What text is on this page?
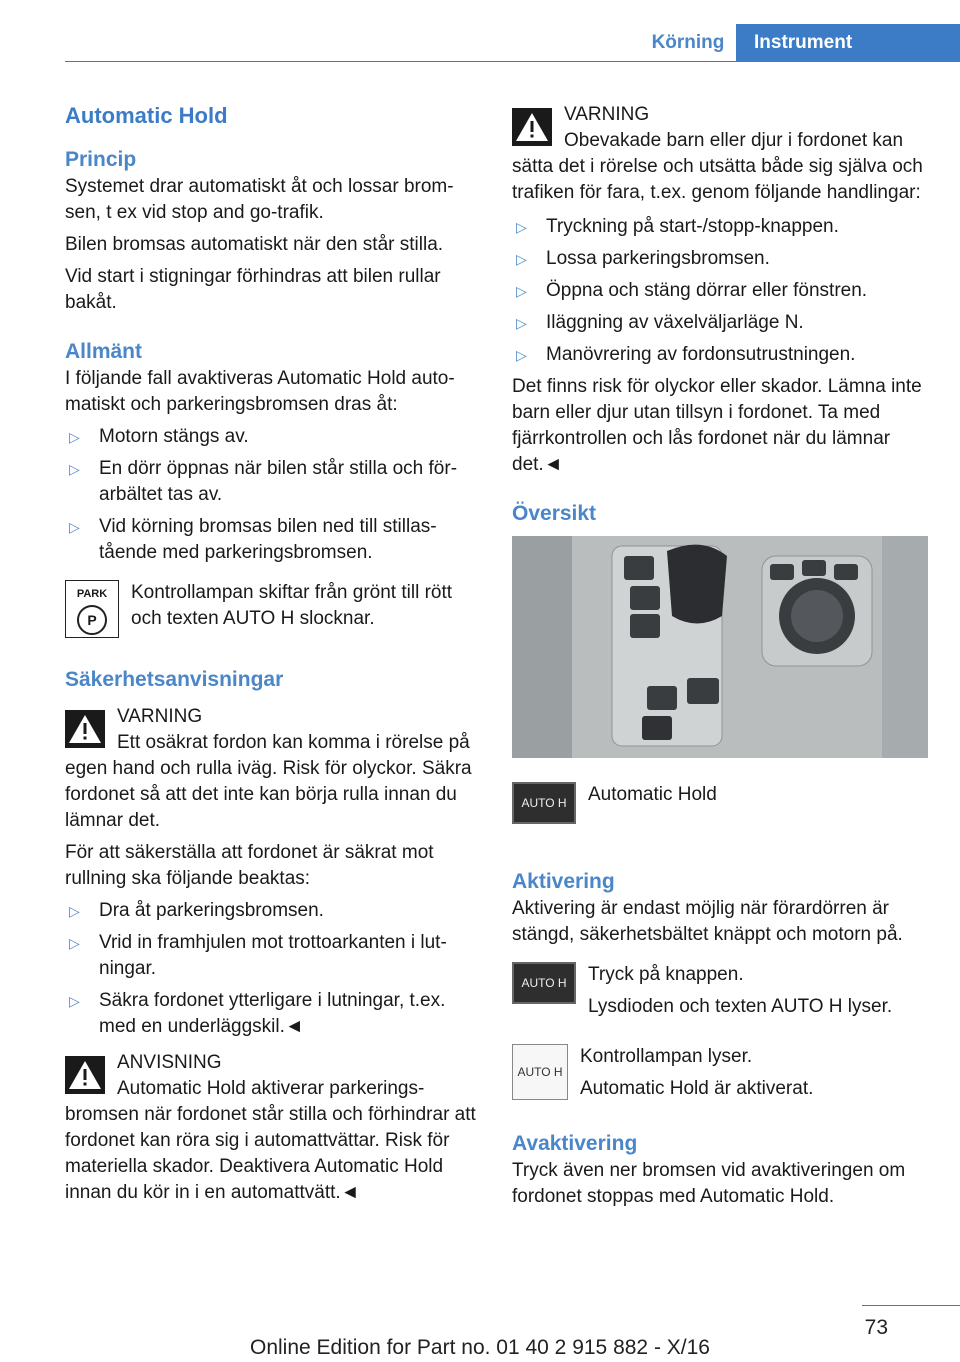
Körning	Instrument
Automatic Hold
Princip

Systemet drar automatiskt åt och lossar bromsen, t ex vid stop and go-trafik.

Bilen bromsas automatiskt när den står stilla.

Vid start i stigningar förhindras att bilen rullar bakåt.

Allmänt

I följande fall avaktiveras Automatic Hold automatiskt och parkeringsbromsen dras åt:

▷ Motorn stängs av.
▷ En dörr öppnas när bilen står stilla och förarbältet tas av.
▷ Vid körning bromsas bilen ned till stillastående med parkeringsbromsen.
PARK
P
Kontrollampan skiftar från grönt till rött och texten AUTO H slocknar.
Säkerhetsanvisningar
VARNING
Ett osäkrat fordon kan komma i rörelse på egen hand och rulla iväg. Risk för olyckor. Säkra fordonet så att det inte kan börja rulla innan du lämnar det.

För att säkerställa att fordonet är säkrat mot rullning ska följande beaktas:

▷ Dra åt parkeringsbromsen.
▷ Vrid in framhjulen mot trottoarkanten i lutningar.
▷ Säkra fordonet ytterligare i lutningar, t.ex. med en underläggskil.◄
ANVISNING
Automatic Hold aktiverar parkeringsbromsen när fordonet står stilla och förhindrar att fordonet kan röra sig i automattvättar. Risk för materiella skador. Deaktivera Automatic Hold innan du kör in i en automattvätt.◄
VARNING
Obevakade barn eller djur i fordonet kan sätta det i rörelse och utsätta både sig själva och trafiken för fara, t.ex. genom följande handlingar:
▷ Tryckning på start-/stopp-knappen.
▷ Lossa parkeringsbromsen.
▷ Öppna och stäng dörrar eller fönstren.
▷ Iläggning av växelväljarläge N.
▷ Manövrering av fordonsutrustningen.

Det finns risk för olyckor eller skador. Lämna inte barn eller djur utan tillsyn i fordonet. Ta med fjärrkontrollen och lås fordonet när du lämnar det.◄

Översikt
AUTO H	Automatic Hold
Aktivering

Aktivering är endast möjlig när förardörren är stängd, säkerhetsbältet knäppt och motorn på.

AUTO H	Tryck på knappen.
Lysdioden och texten AUTO H lyser.
AUTO H
Kontrollampan lyser.
Automatic Hold är aktiverat.
Avaktivering

Tryck även ner bromsen vid avaktiveringen om fordonet stoppas med Automatic Hold.

73
Online Edition for Part no. 01 40 2 915 882 - X/16
